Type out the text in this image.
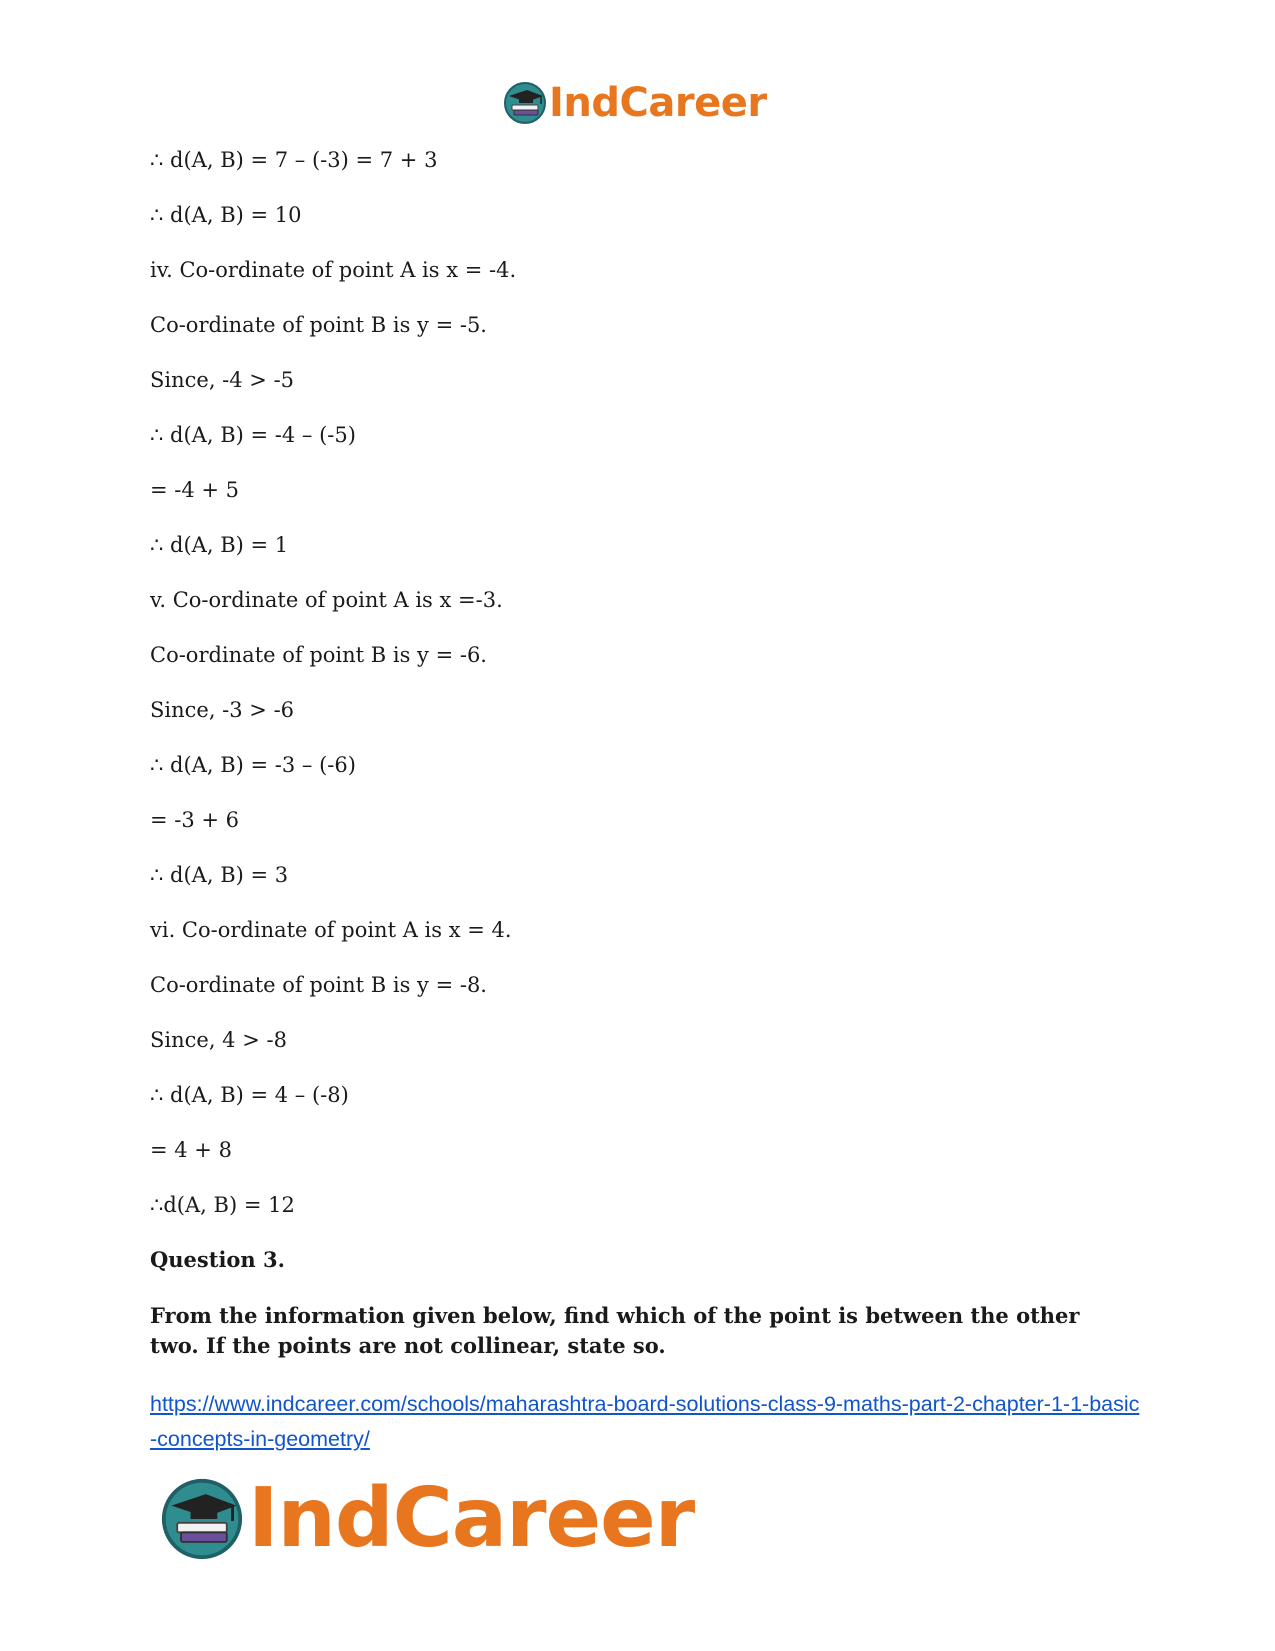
IndCareer
∴ d(A, B) = 7 – (-3) = 7 + 3
∴ d(A, B) = 10
iv. Co-ordinate of point A is x = -4.
Co-ordinate of point B is y = -5.
Since, -4 > -5
∴ d(A, B) = -4 – (-5)
= -4 + 5
∴ d(A, B) = 1
v. Co-ordinate of point A is x =-3.
Co-ordinate of point B is y = -6.
Since, -3 > -6
∴ d(A, B) = -3 – (-6)
= -3 + 6
∴ d(A, B) = 3
vi. Co-ordinate of point A is x = 4.
Co-ordinate of point B is y = -8.
Since, 4 > -8
∴ d(A, B) = 4 – (-8)
= 4 + 8
∴d(A, B) = 12
Question 3.
From the information given below, find which of the point is between the other two. If the points are not collinear, state so.
https://www.indcareer.com/schools/maharashtra-board-solutions-class-9-maths-part-2-chapter-1-1-basic-concepts-in-geometry/
IndCareer
